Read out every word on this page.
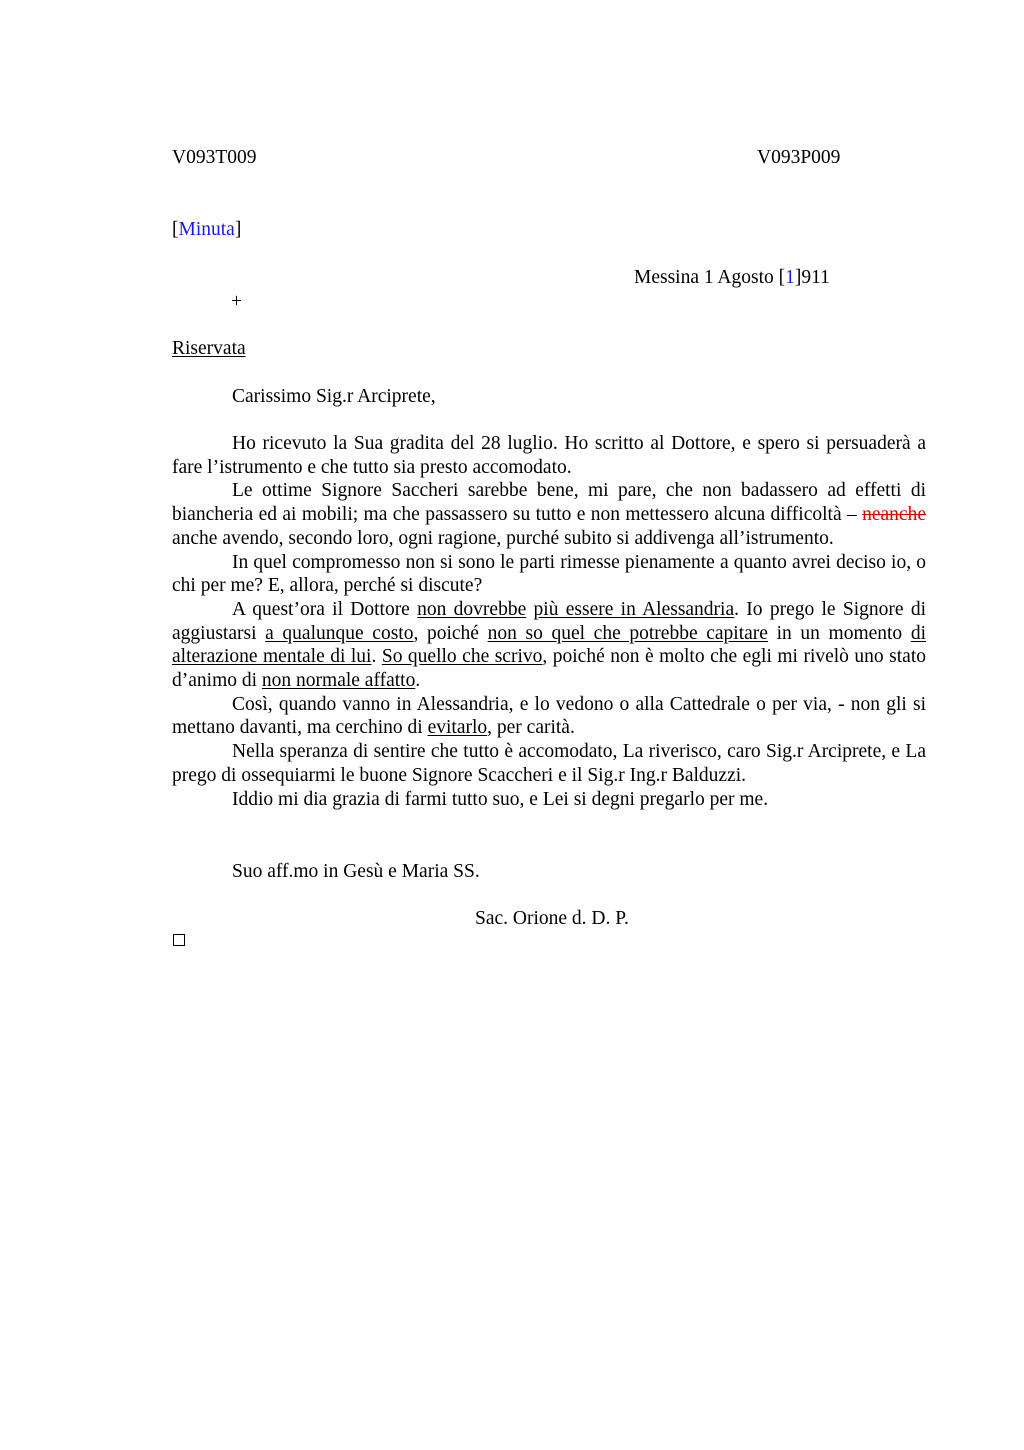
V093T009	V093P009
[Minuta]
Messina 1 Agosto [1]911
+
Riservata
Carissimo Sig.r Arciprete,

Ho ricevuto la Sua gradita del 28 luglio. Ho scritto al Dottore, e spero si persuaderà a fare l’istrumento e che tutto sia presto accomodato.

Le ottime Signore Saccheri sarebbe bene, mi pare, che non badassero ad effetti di biancheria ed ai mobili; ma che passassero su tutto e non mettessero alcuna difficoltà – neanche anche avendo, secondo loro, ogni ragione, purché subito si addivenga all’istrumento.

In quel compromesso non si sono le parti rimesse pienamente a quanto avrei deciso io, o chi per me? E, allora, perché si discute?

A quest’ora il Dottore non dovrebbe più essere in Alessandria. Io prego le Signore di aggiustarsi a qualunque costo, poiché non so quel che potrebbe capitare in un momento di alterazione mentale di lui. So quello che scrivo, poiché non è molto che egli mi rivelò uno stato d’animo di non normale affatto.

Così, quando vanno in Alessandria, e lo vedono o alla Cattedrale o per via, - non gli si mettano davanti, ma cerchino di evitarlo, per carità.

Nella speranza di sentire che tutto è accomodato, La riverisco, caro Sig.r Arciprete, e La prego di ossequiarmi le buone Signore Scaccheri e il Sig.r Ing.r Balduzzi.

Iddio mi dia grazia di farmi tutto suo, e Lei si degni pregarlo per me.

Suo aff.mo in Gesù e Maria SS.
Sac. Orione d. D. P.
